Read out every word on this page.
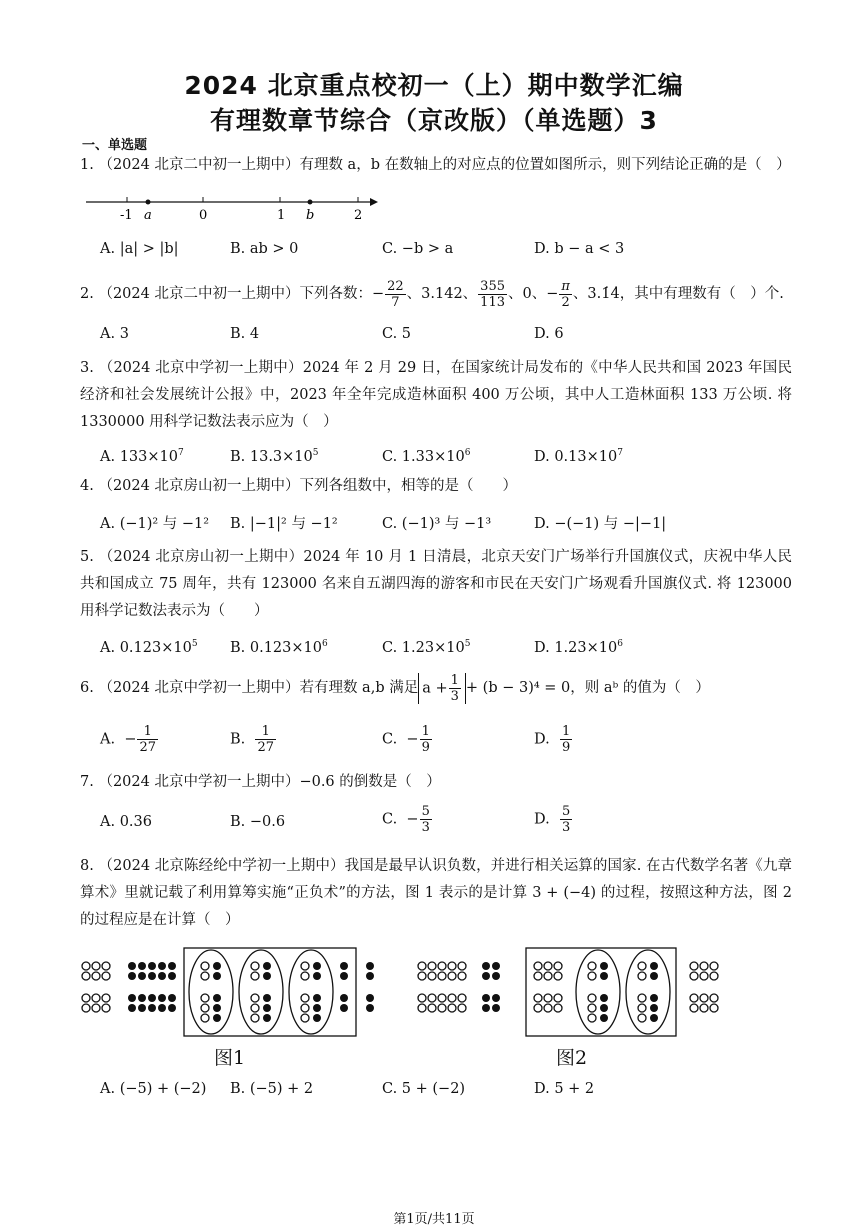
2024 北京重点校初一（上）期中数学汇编
有理数章节综合（京改版）（单选题）3
一、单选题
1. （2024 北京二中初一上期中）有理数 a，b 在数轴上的对应点的位置如图所示，则下列结论正确的是（　）
-1 a	0	1 b	2
A. |a| > |b|	B. ab > 0	C. −b > a	D. b − a < 3
2. （2024 北京二中初一上期中）下列各数：− $\frac{22}{7}$ 、3.142、 $\frac{355}{113}$ 、0、− $\frac{\pi}{2}$ 、3.1̇4̇，其中有理数有（　）个.
A. 3	B. 4	C. 5	D. 6
3. （2024 北京中学初一上期中）2024 年 2 月 29 日，在国家统计局发布的《中华人民共和国 2023 年国民经济和社会发展统计公报》中，2023 年全年完成造林面积 400 万公顷，其中人工造林面积 133 万公顷. 将 1330000 用科学记数法表示应为（　）
A. $133\times 10^7$	B. $13.3\times 10^5$	C. $1.33\times 10^6$	D. $0.13\times 10^7$
4. （2024 北京房山初一上期中）下列各组数中，相等的是（　　）
A. (−1)² 与 −1² B. |−1|² 与 −1²	C. (−1)³ 与 −1³	D. −(−1) 与 −|−1|
5. （2024 北京房山初一上期中）2024 年 10 月 1 日清晨，北京天安门广场举行升国旗仪式，庆祝中华人民共和国成立 75 周年，共有 123000 名来自五湖四海的游客和市民在天安门广场观看升国旗仪式. 将 123000 用科学记数法表示为（　　）
A. $0.123\times 10^5$ B. $0.123\times 10^6$	C. $1.23\times 10^5$	D. $1.23\times 10^6$
6. （2024 北京中学初一上期中）若有理数 a,b 满足 $a + \frac{1}{3} + (b - 3)^4 = 0$，则 aᵇ 的值为（　）
A. − $\frac{1}{27}$	B. $\frac{1}{27}$	C. − $\frac{1}{9}$	D. $\frac{1}{9}$
7. （2024 北京中学初一上期中）−0.6 的倒数是（　）
A. 0.36	B. −0.6	C. − $\frac{5}{3}$	D. $\frac{5}{3}$
8. （2024 北京陈经纶中学初一上期中）我国是最早认识负数，并进行相关运算的国家. 在古代数学名著《九章算术》里就记载了利用算筹实施“正负术”的方法，图 1 表示的是计算 3 + (−4) 的过程，按照这种方法，图 2 的过程应是在计算（　）
图1	图2
A. (−5) + (−2) B. (−5) + 2	C. 5 + (−2)	D. 5 + 2
第1页/共11页
